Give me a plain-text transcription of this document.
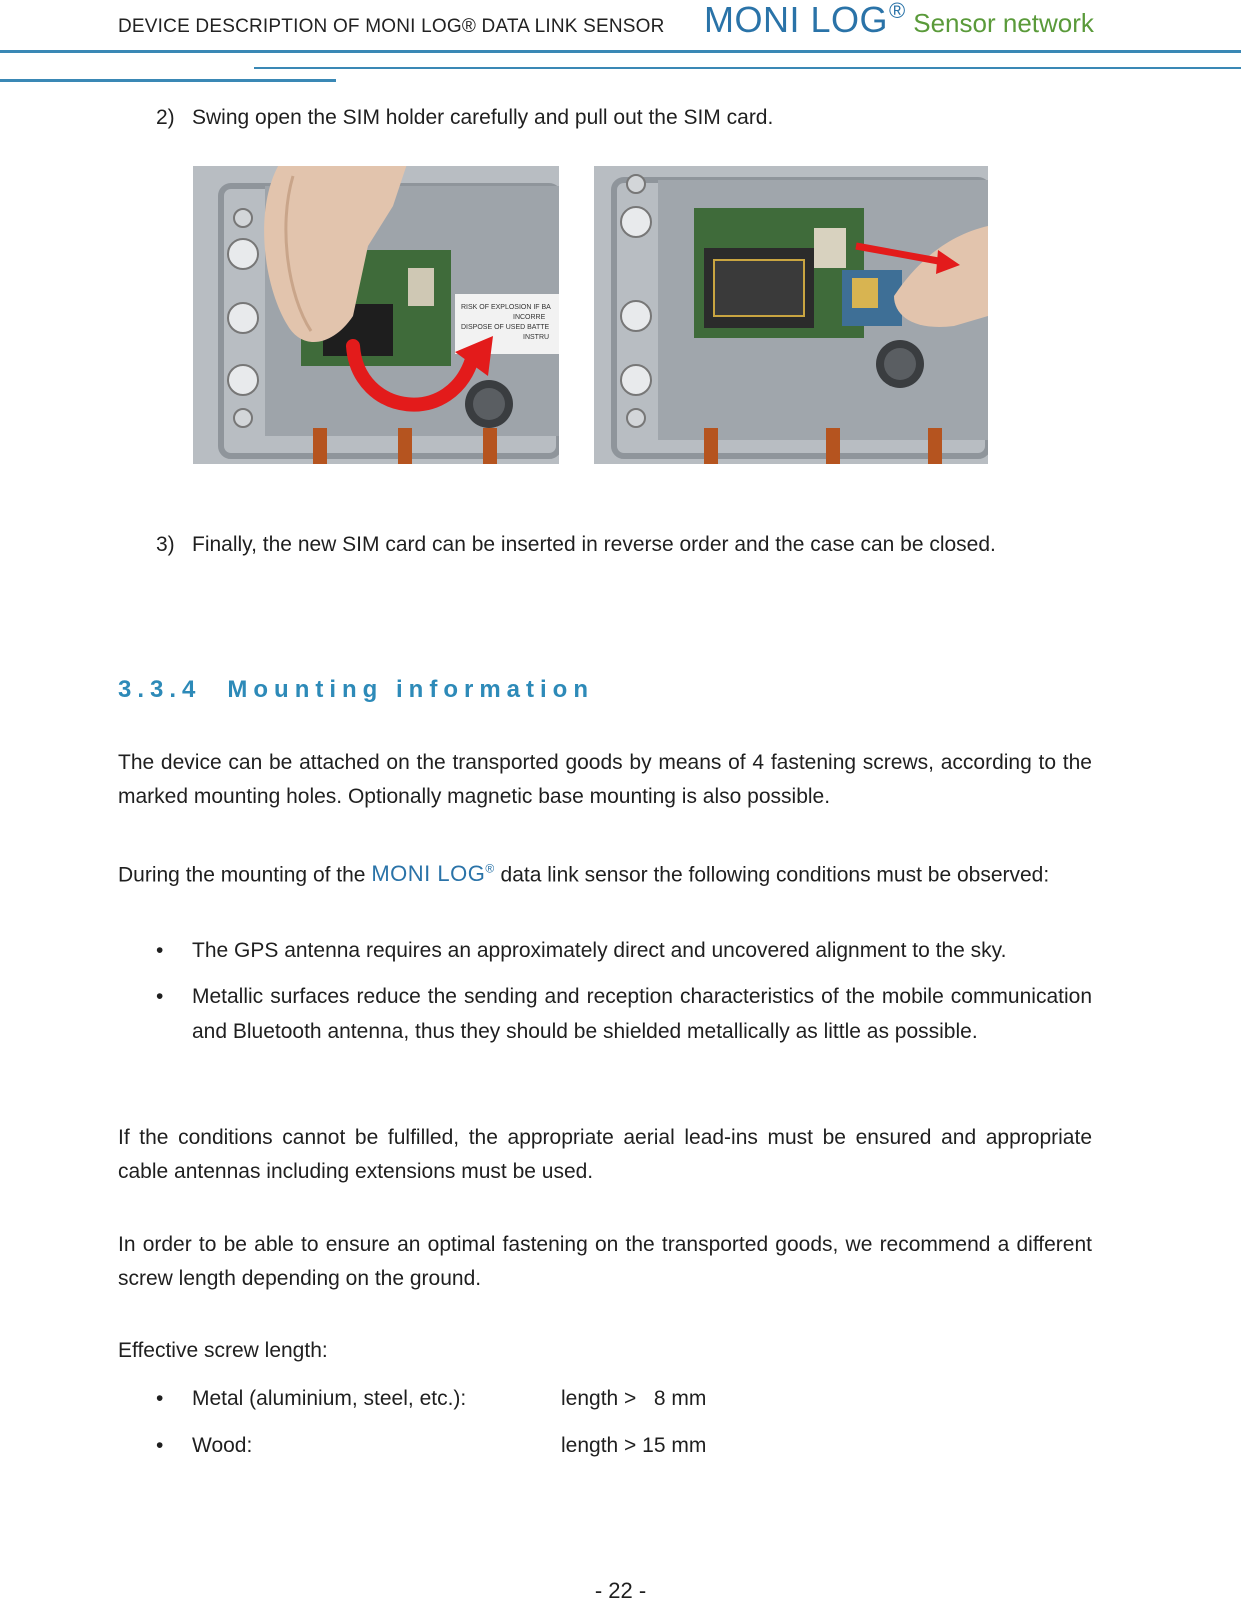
DEVICE DESCRIPTION OF MONI LOG® DATA LINK SENSOR MONI LOG® Sensor network
2) Swing open the SIM holder carefully and pull out the SIM card.
RISK OF EXPLOSION IF BA
INCORRE
DISPOSE OF USED BATTE
INSTRU
3) Finally, the new SIM card can be inserted in reverse order and the case can be closed.
3.3.4 Mounting information
The device can be attached on the transported goods by means of 4 fastening screws, according to the marked mounting holes. Optionally magnetic base mounting is also possible.
During the mounting of the MONI LOG® data link sensor the following conditions must be observed:
• The GPS antenna requires an approximately direct and uncovered alignment to the sky.
• Metallic surfaces reduce the sending and reception characteristics of the mobile communication and Bluetooth antenna, thus they should be shielded metallically as little as possible.
If the conditions cannot be fulfilled, the appropriate aerial lead-ins must be ensured and appropriate cable antennas including extensions must be used.
In order to be able to ensure an optimal fastening on the transported goods, we recommend a different screw length depending on the ground.
Effective screw length:
• Metal (aluminium, steel, etc.):	length >   8 mm
• Wood:	length > 15 mm
- 22 -
